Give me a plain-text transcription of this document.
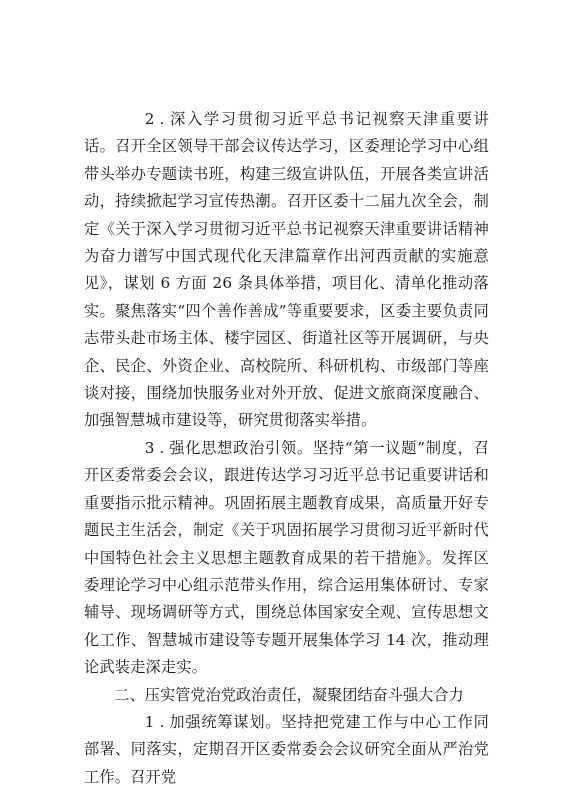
2 . 深入学习贯彻习近平总书记视察天津重要讲话。召开全区领导干部会议传达学习，区委理论学习中心组带头举办专题读书班，构建三级宣讲队伍，开展各类宣讲活动，持续掀起学习宣传热潮。召开区委十二届九次全会，制定《关于深入学习贯彻习近平总书记视察天津重要讲话精神为奋力谱写中国式现代化天津篇章作出河西贡献的实施意见》，谋划 6 方面 26 条具体举措，项目化、清单化推动落实。聚焦落实“四个善作善成”等重要要求，区委主要负责同志带头赴市场主体、楼宇园区、街道社区等开展调研，与央企、民企、外资企业、高校院所、科研机构、市级部门等座谈对接，围绕加快服务业对外开放、促进文旅商深度融合、加强智慧城市建设等，研究贯彻落实举措。

3 . 强化思想政治引领。坚持“第一议题”制度，召开区委常委会会议，跟进传达学习习近平总书记重要讲话和重要指示批示精神。巩固拓展主题教育成果，高质量开好专题民主生活会，制定《关于巩固拓展学习贯彻习近平新时代中国特色社会主义思想主题教育成果的若干措施》。发挥区委理论学习中心组示范带头作用，综合运用集体研讨、专家辅导、现场调研等方式，围绕总体国家安全观、宣传思想文化工作、智慧城市建设等专题开展集体学习 14 次，推动理论武装走深走实。

二、压实管党治党政治责任，凝聚团结奋斗强大合力

1 . 加强统筹谋划。坚持把党建工作与中心工作同部署、同落实，定期召开区委常委会会议研究全面从严治党工作。召开党
